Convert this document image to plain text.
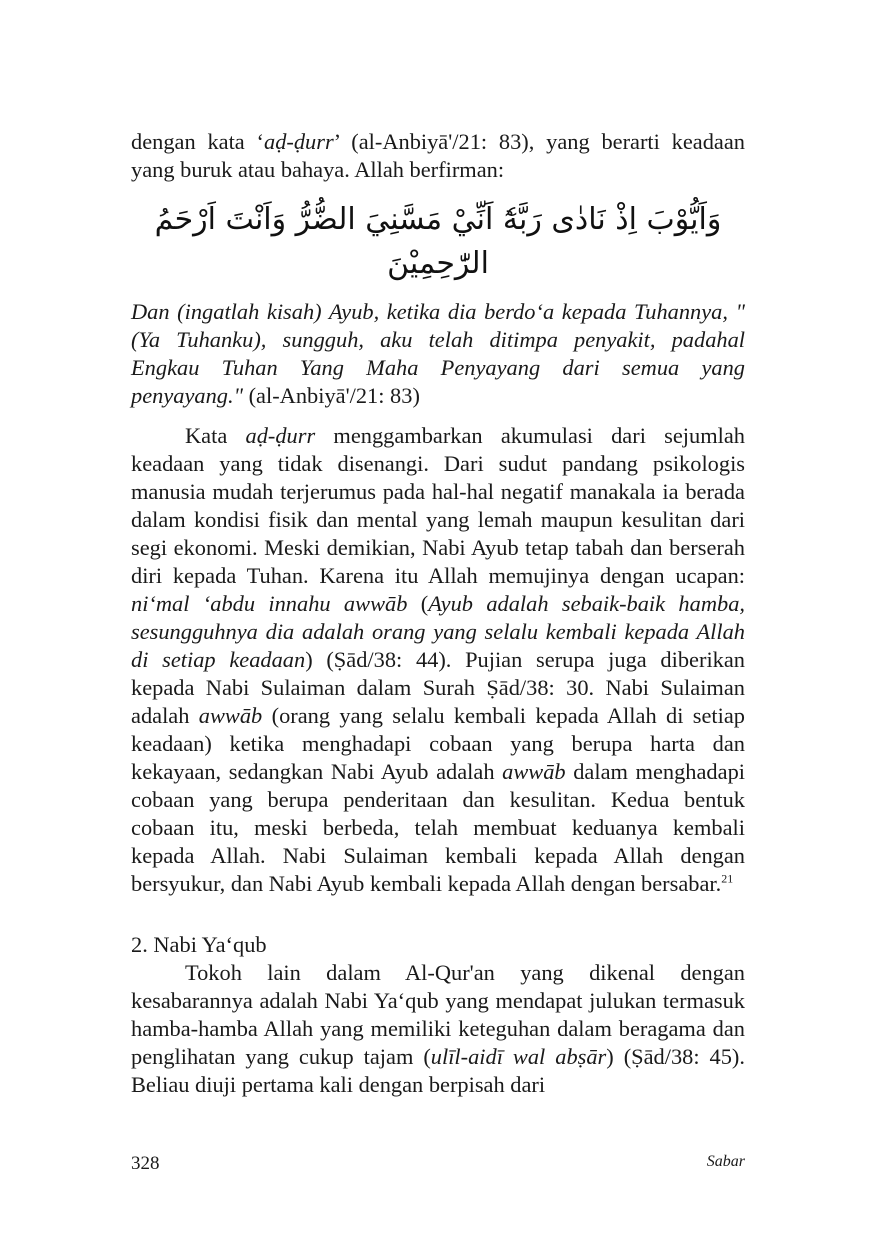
dengan kata ‘aḍ-ḍurr’ (al-Anbiyā'/21: 83), yang berarti keadaan yang buruk atau bahaya. Allah berfirman:

وَاَيُّوْبَ اِذْ نَادٰى رَبَّهٗٓ اَنِّيْ مَسَّنِيَ الضُّرُّ وَاَنْتَ اَرْحَمُ الرّٰحِمِيْنَ

Dan (ingatlah kisah) Ayub, ketika dia berdo‘a kepada Tuhannya, "(Ya Tuhanku), sungguh, aku telah ditimpa penyakit, padahal Engkau Tuhan Yang Maha Penyayang dari semua yang penyayang." (al-Anbiyā'/21: 83)

Kata aḍ-ḍurr menggambarkan akumulasi dari sejumlah keadaan yang tidak disenangi. Dari sudut pandang psikologis manusia mudah terjerumus pada hal-hal negatif manakala ia berada dalam kondisi fisik dan mental yang lemah maupun kesulitan dari segi ekonomi. Meski demikian, Nabi Ayub tetap tabah dan berserah diri kepada Tuhan. Karena itu Allah memujinya dengan ucapan: ni‘mal ‘abdu innahu awwāb (Ayub adalah sebaik-baik hamba, sesungguhnya dia adalah orang yang selalu kembali kepada Allah di setiap keadaan) (Ṣād/38: 44). Pujian serupa juga diberikan kepada Nabi Sulaiman dalam Surah Ṣād/38: 30. Nabi Sulaiman adalah awwāb (orang yang selalu kembali kepada Allah di setiap keadaan) ketika menghadapi cobaan yang berupa harta dan kekayaan, sedangkan Nabi Ayub adalah awwāb dalam menghadapi cobaan yang berupa penderitaan dan kesulitan. Kedua bentuk cobaan itu, meski berbeda, telah membuat keduanya kembali kepada Allah. Nabi Sulaiman kembali kepada Allah dengan bersyukur, dan Nabi Ayub kembali kepada Allah dengan bersabar.$^{21}$

2. Nabi Ya‘qub

Tokoh lain dalam Al-Qur'an yang dikenal dengan kesabarannya adalah Nabi Ya‘qub yang mendapat julukan termasuk hamba-hamba Allah yang memiliki keteguhan dalam beragama dan penglihatan yang cukup tajam (ulīl-aidī wal abṣār) (Ṣād/38: 45). Beliau diuji pertama kali dengan berpisah dari

328	Sabar
